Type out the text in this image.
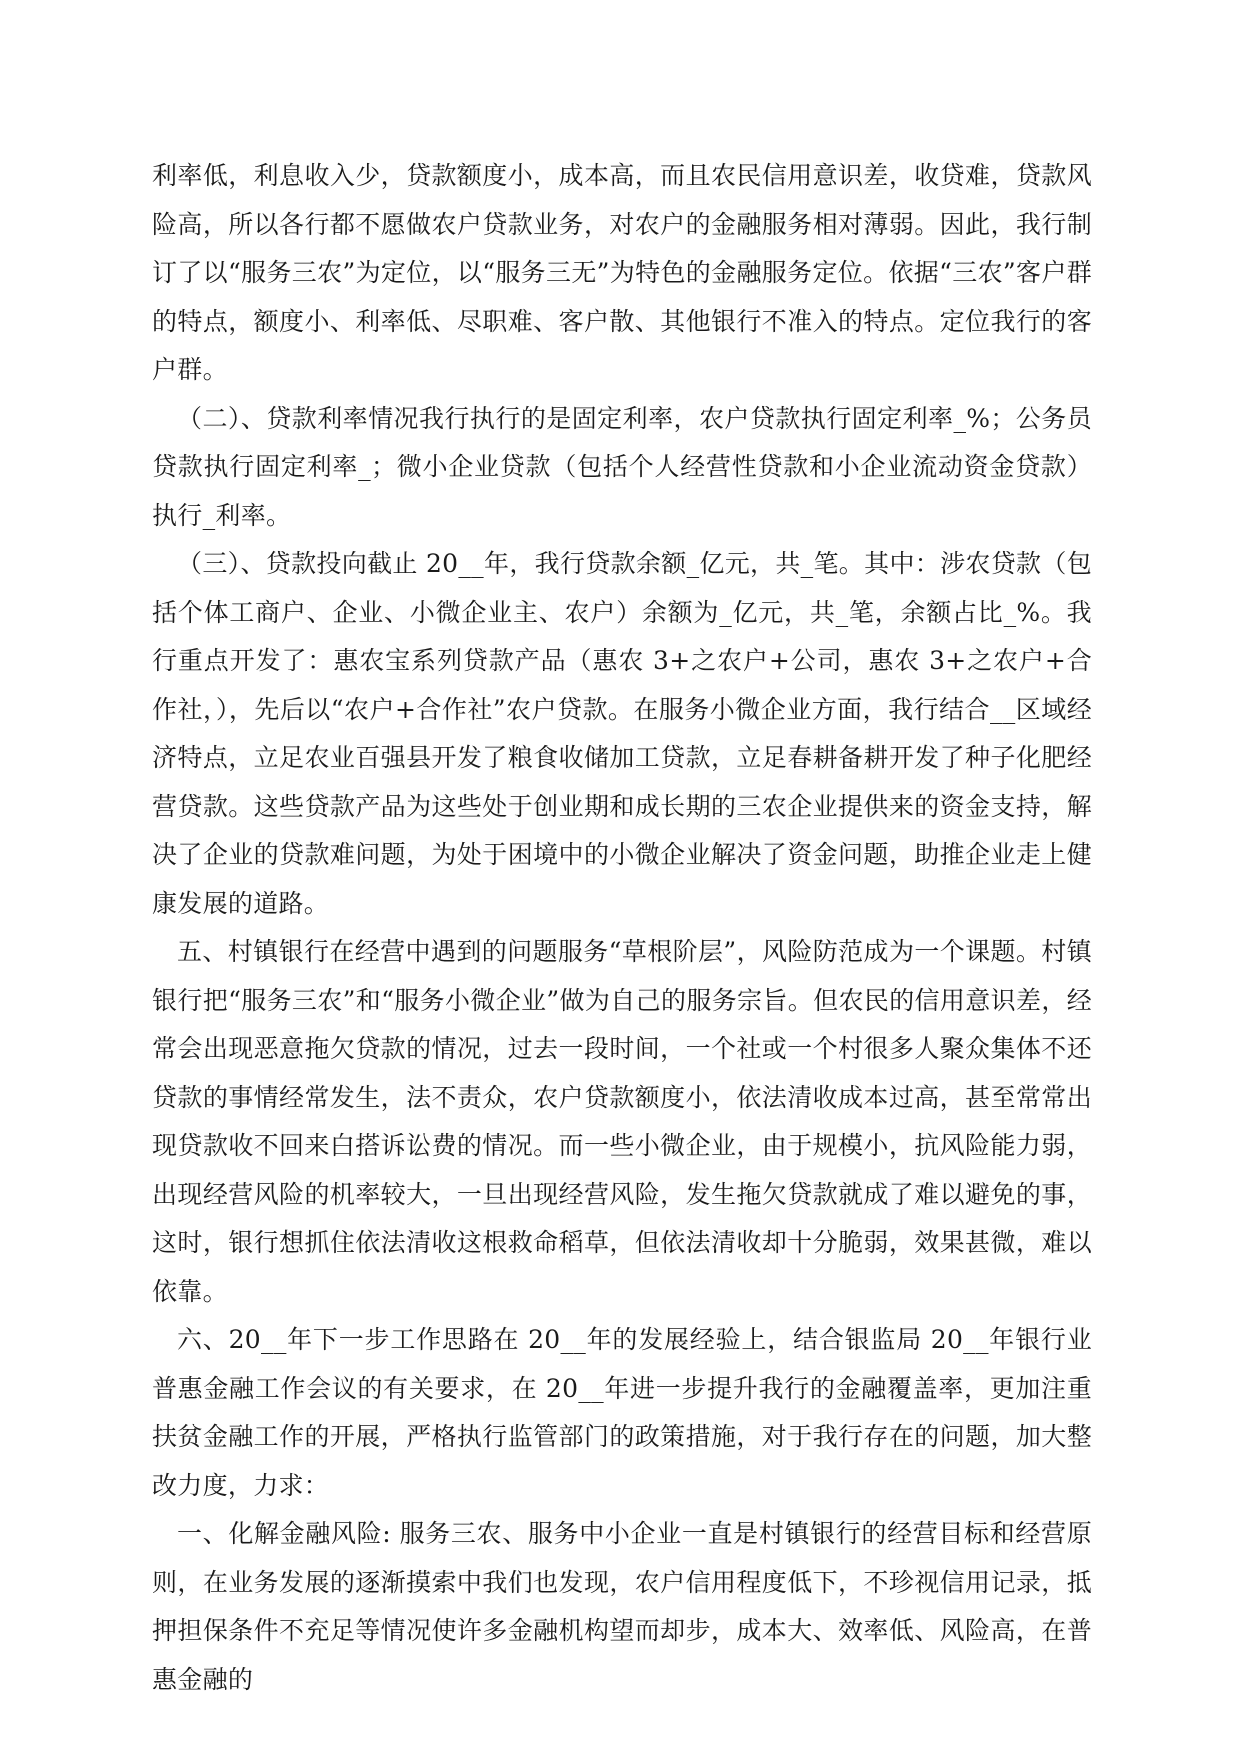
利率低，利息收入少，贷款额度小，成本高，而且农民信用意识差，收贷难，贷款风险高，所以各行都不愿做农户贷款业务，对农户的金融服务相对薄弱。因此，我行制订了以“服务三农”为定位，以“服务三无”为特色的金融服务定位。依据“三农”客户群的特点，额度小、利率低、尽职难、客户散、其他银行不准入的特点。定位我行的客户群。

（二）、贷款利率情况我行执行的是固定利率，农户贷款执行固定利率_%；公务员贷款执行固定利率_；微小企业贷款（包括个人经营性贷款和小企业流动资金贷款）执行_利率。

（三）、贷款投向截止 20__年，我行贷款余额_亿元，共_笔。其中：涉农贷款（包括个体工商户、企业、小微企业主、农户）余额为_亿元，共_笔，余额占比_%。我行重点开发了：惠农宝系列贷款产品（惠农 3+之农户+公司，惠农 3+之农户+合作社，），先后以“农户+合作社”农户贷款。在服务小微企业方面，我行结合__区域经济特点，立足农业百强县开发了粮食收储加工贷款，立足春耕备耕开发了种子化肥经营贷款。这些贷款产品为这些处于创业期和成长期的三农企业提供来的资金支持，解决了企业的贷款难问题，为处于困境中的小微企业解决了资金问题，助推企业走上健康发展的道路。

五、村镇银行在经营中遇到的问题服务“草根阶层”，风险防范成为一个课题。村镇银行把“服务三农”和“服务小微企业”做为自己的服务宗旨。但农民的信用意识差，经常会出现恶意拖欠贷款的情况，过去一段时间，一个社或一个村很多人聚众集体不还贷款的事情经常发生，法不责众，农户贷款额度小，依法清收成本过高，甚至常常出现贷款收不回来白搭诉讼费的情况。而一些小微企业，由于规模小，抗风险能力弱，出现经营风险的机率较大，一旦出现经营风险，发生拖欠贷款就成了难以避免的事，这时，银行想抓住依法清收这根救命稻草，但依法清收却十分脆弱，效果甚微，难以依靠。

六、20__年下一步工作思路在 20__年的发展经验上，结合银监局 20__年银行业普惠金融工作会议的有关要求，在 20__年进一步提升我行的金融覆盖率，更加注重扶贫金融工作的开展，严格执行监管部门的政策措施，对于我行存在的问题，加大整改力度，力求：

一、化解金融风险: 服务三农、服务中小企业一直是村镇银行的经营目标和经营原则，在业务发展的逐渐摸索中我们也发现，农户信用程度低下，不珍视信用记录，抵押担保条件不充足等情况使许多金融机构望而却步，成本大、效率低、风险高，在普惠金融的
